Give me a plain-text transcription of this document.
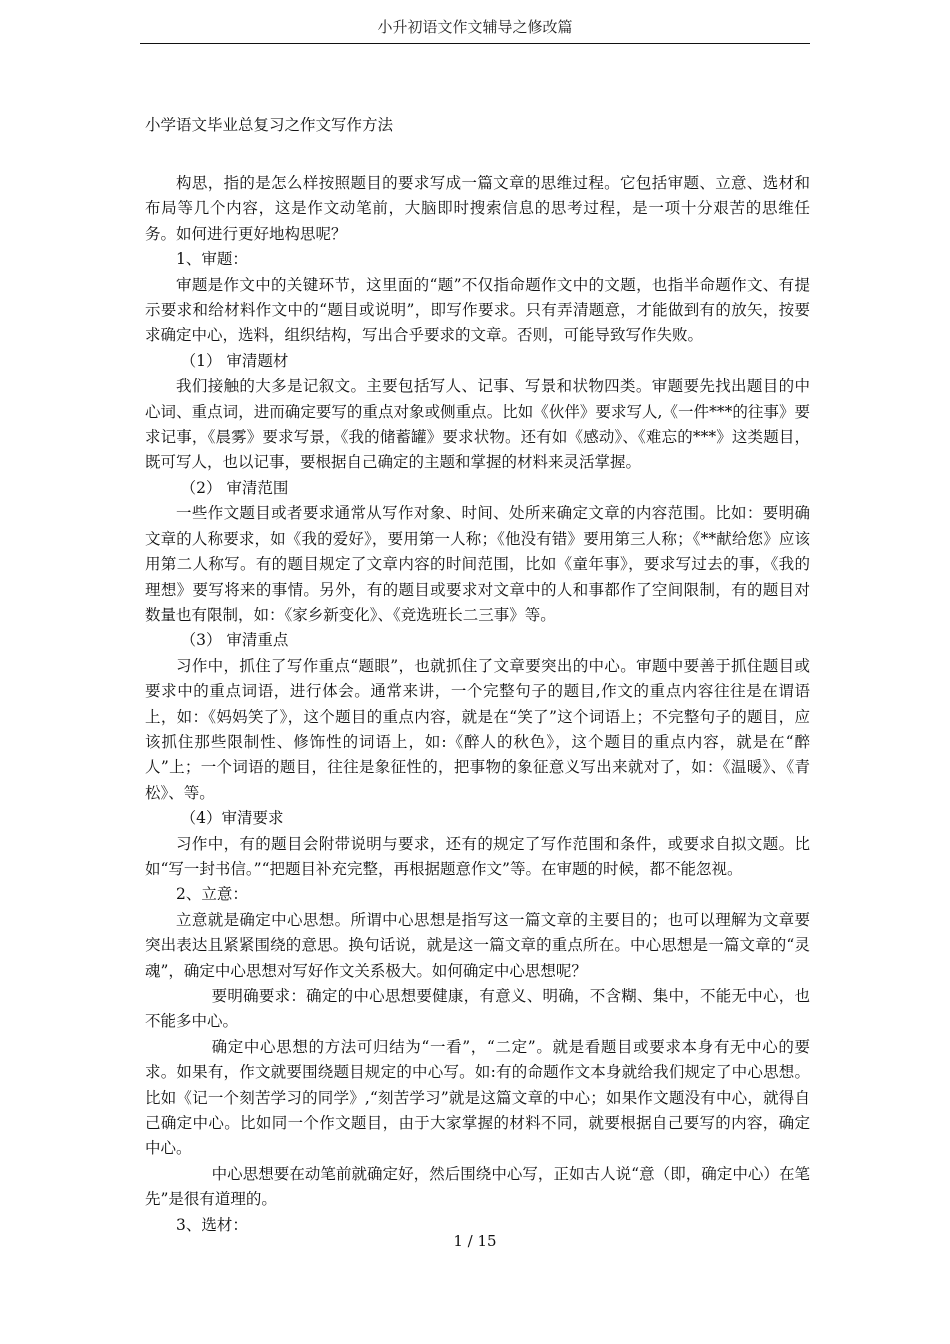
小升初语文作文辅导之修改篇
小学语文毕业总复习之作文写作方法

构思，指的是怎么样按照题目的要求写成一篇文章的思维过程。它包括审题、立意、选材和布局等几个内容，这是作文动笔前，大脑即时搜索信息的思考过程，是一项十分艰苦的思维任务。如何进行更好地构思呢？

1、审题：

审题是作文中的关键环节，这里面的“题”不仅指命题作文中的文题，也指半命题作文、有提示要求和给材料作文中的“题目或说明”，即写作要求。只有弄清题意，才能做到有的放矢，按要求确定中心，选料，组织结构，写出合乎要求的文章。否则，可能导致写作失败。

（1） 审清题材

我们接触的大多是记叙文。主要包括写人、记事、写景和状物四类。审题要先找出题目的中心词、重点词，进而确定要写的重点对象或侧重点。比如《伙伴》要求写人,《一件***的往事》要求记事，《晨雾》要求写景，《我的储蓄罐》要求状物。还有如《感动》、《难忘的***》这类题目，既可写人，也以记事，要根据自己确定的主题和掌握的材料来灵活掌握。

（2） 审清范围

一些作文题目或者要求通常从写作对象、时间、处所来确定文章的内容范围。比如：要明确文章的人称要求，如《我的爱好》，要用第一人称；《他没有错》要用第三人称；《**献给您》应该用第二人称写。有的题目规定了文章内容的时间范围，比如《童年事》，要求写过去的事，《我的理想》要写将来的事情。另外，有的题目或要求对文章中的人和事都作了空间限制，有的题目对数量也有限制，如：《家乡新变化》、《竞选班长二三事》等。

（3） 审清重点

习作中，抓住了写作重点“题眼”，也就抓住了文章要突出的中心。审题中要善于抓住题目或要求中的重点词语，进行体会。通常来讲，一个完整句子的题目,作文的重点内容往往是在谓语上，如：《妈妈笑了》，这个题目的重点内容，就是在“笑了”这个词语上；不完整句子的题目，应该抓住那些限制性、修饰性的词语上，如:《醉人的秋色》，这个题目的重点内容，就是在“醉人”上；一个词语的题目，往往是象征性的，把事物的象征意义写出来就对了，如：《温暖》、《青松》、等。

（4）审清要求

习作中，有的题目会附带说明与要求，还有的规定了写作范围和条件，或要求自拟文题。比如“写一封书信。”“把题目补充完整，再根据题意作文”等。在审题的时候，都不能忽视。

2、立意：

立意就是确定中心思想。所谓中心思想是指写这一篇文章的主要目的；也可以理解为文章要突出表达且紧紧围绕的意思。换句话说，就是这一篇文章的重点所在。中心思想是一篇文章的“灵魂”，确定中心思想对写好作文关系极大。如何确定中心思想呢？

要明确要求：确定的中心思想要健康，有意义、明确，不含糊、集中，不能无中心，也不能多中心。

确定中心思想的方法可归结为“一看”，“二定”。就是看题目或要求本身有无中心的要求。如果有，作文就要围绕题目规定的中心写。如:有的命题作文本身就给我们规定了中心思想。比如《记一个刻苦学习的同学》,“刻苦学习”就是这篇文章的中心；如果作文题没有中心，就得自己确定中心。比如同一个作文题目，由于大家掌握的材料不同，就要根据自己要写的内容，确定中心。

中心思想要在动笔前就确定好，然后围绕中心写，正如古人说“意（即，确定中心）在笔先”是很有道理的。

3、选材：

1 / 15
